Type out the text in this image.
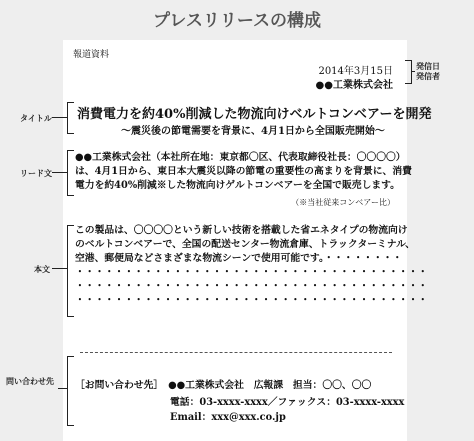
プレスリリースの構成
報道資料
2014年3月15日
●●工業株式会社
消費電力を約40%削減した物流向けベルトコンベアーを開発
〜震災後の節電需要を背景に、4月1日から全国販売開始〜
●●工業株式会社（本社所在地：東京都〇区、代表取締役社長：〇〇〇〇）
は、4月1日から、東日本大震災以降の節電の重要性の高まりを背景に、消費
電力を約40%削減※した物流向けゲルトコンベアーを全国で販売します。
（※当社従来コンベアー比）
この製品は、〇〇〇〇という新しい技術を搭載した省エネタイプの物流向け
のベルトコンベアーで、全国の配送センター物流倉庫、トラックターミナル、
空港、郵便局などさまざまな物流シーンで使用可能です。・・・・・・・・
・・・・・・・・・・・・・・・・・・・・・・・・・・・・・・・・・・・・
・・・・・・・・・・・・・・・・・・・・・・・・・・・・・・・・・・・・
・・・・・・・・・・・・・・・・・・・・・・・・・・・・・・・・・・・・
［お問い合わせ先］　●●工業株式会社　広報課　担当：〇〇、〇〇
電話：03-xxxx-xxxx／ファックス：03-xxxx-xxxx
Email：xxx@xxx.co.jp
発信日
発信者
タイトル
リード文
本文
問い合わせ先
